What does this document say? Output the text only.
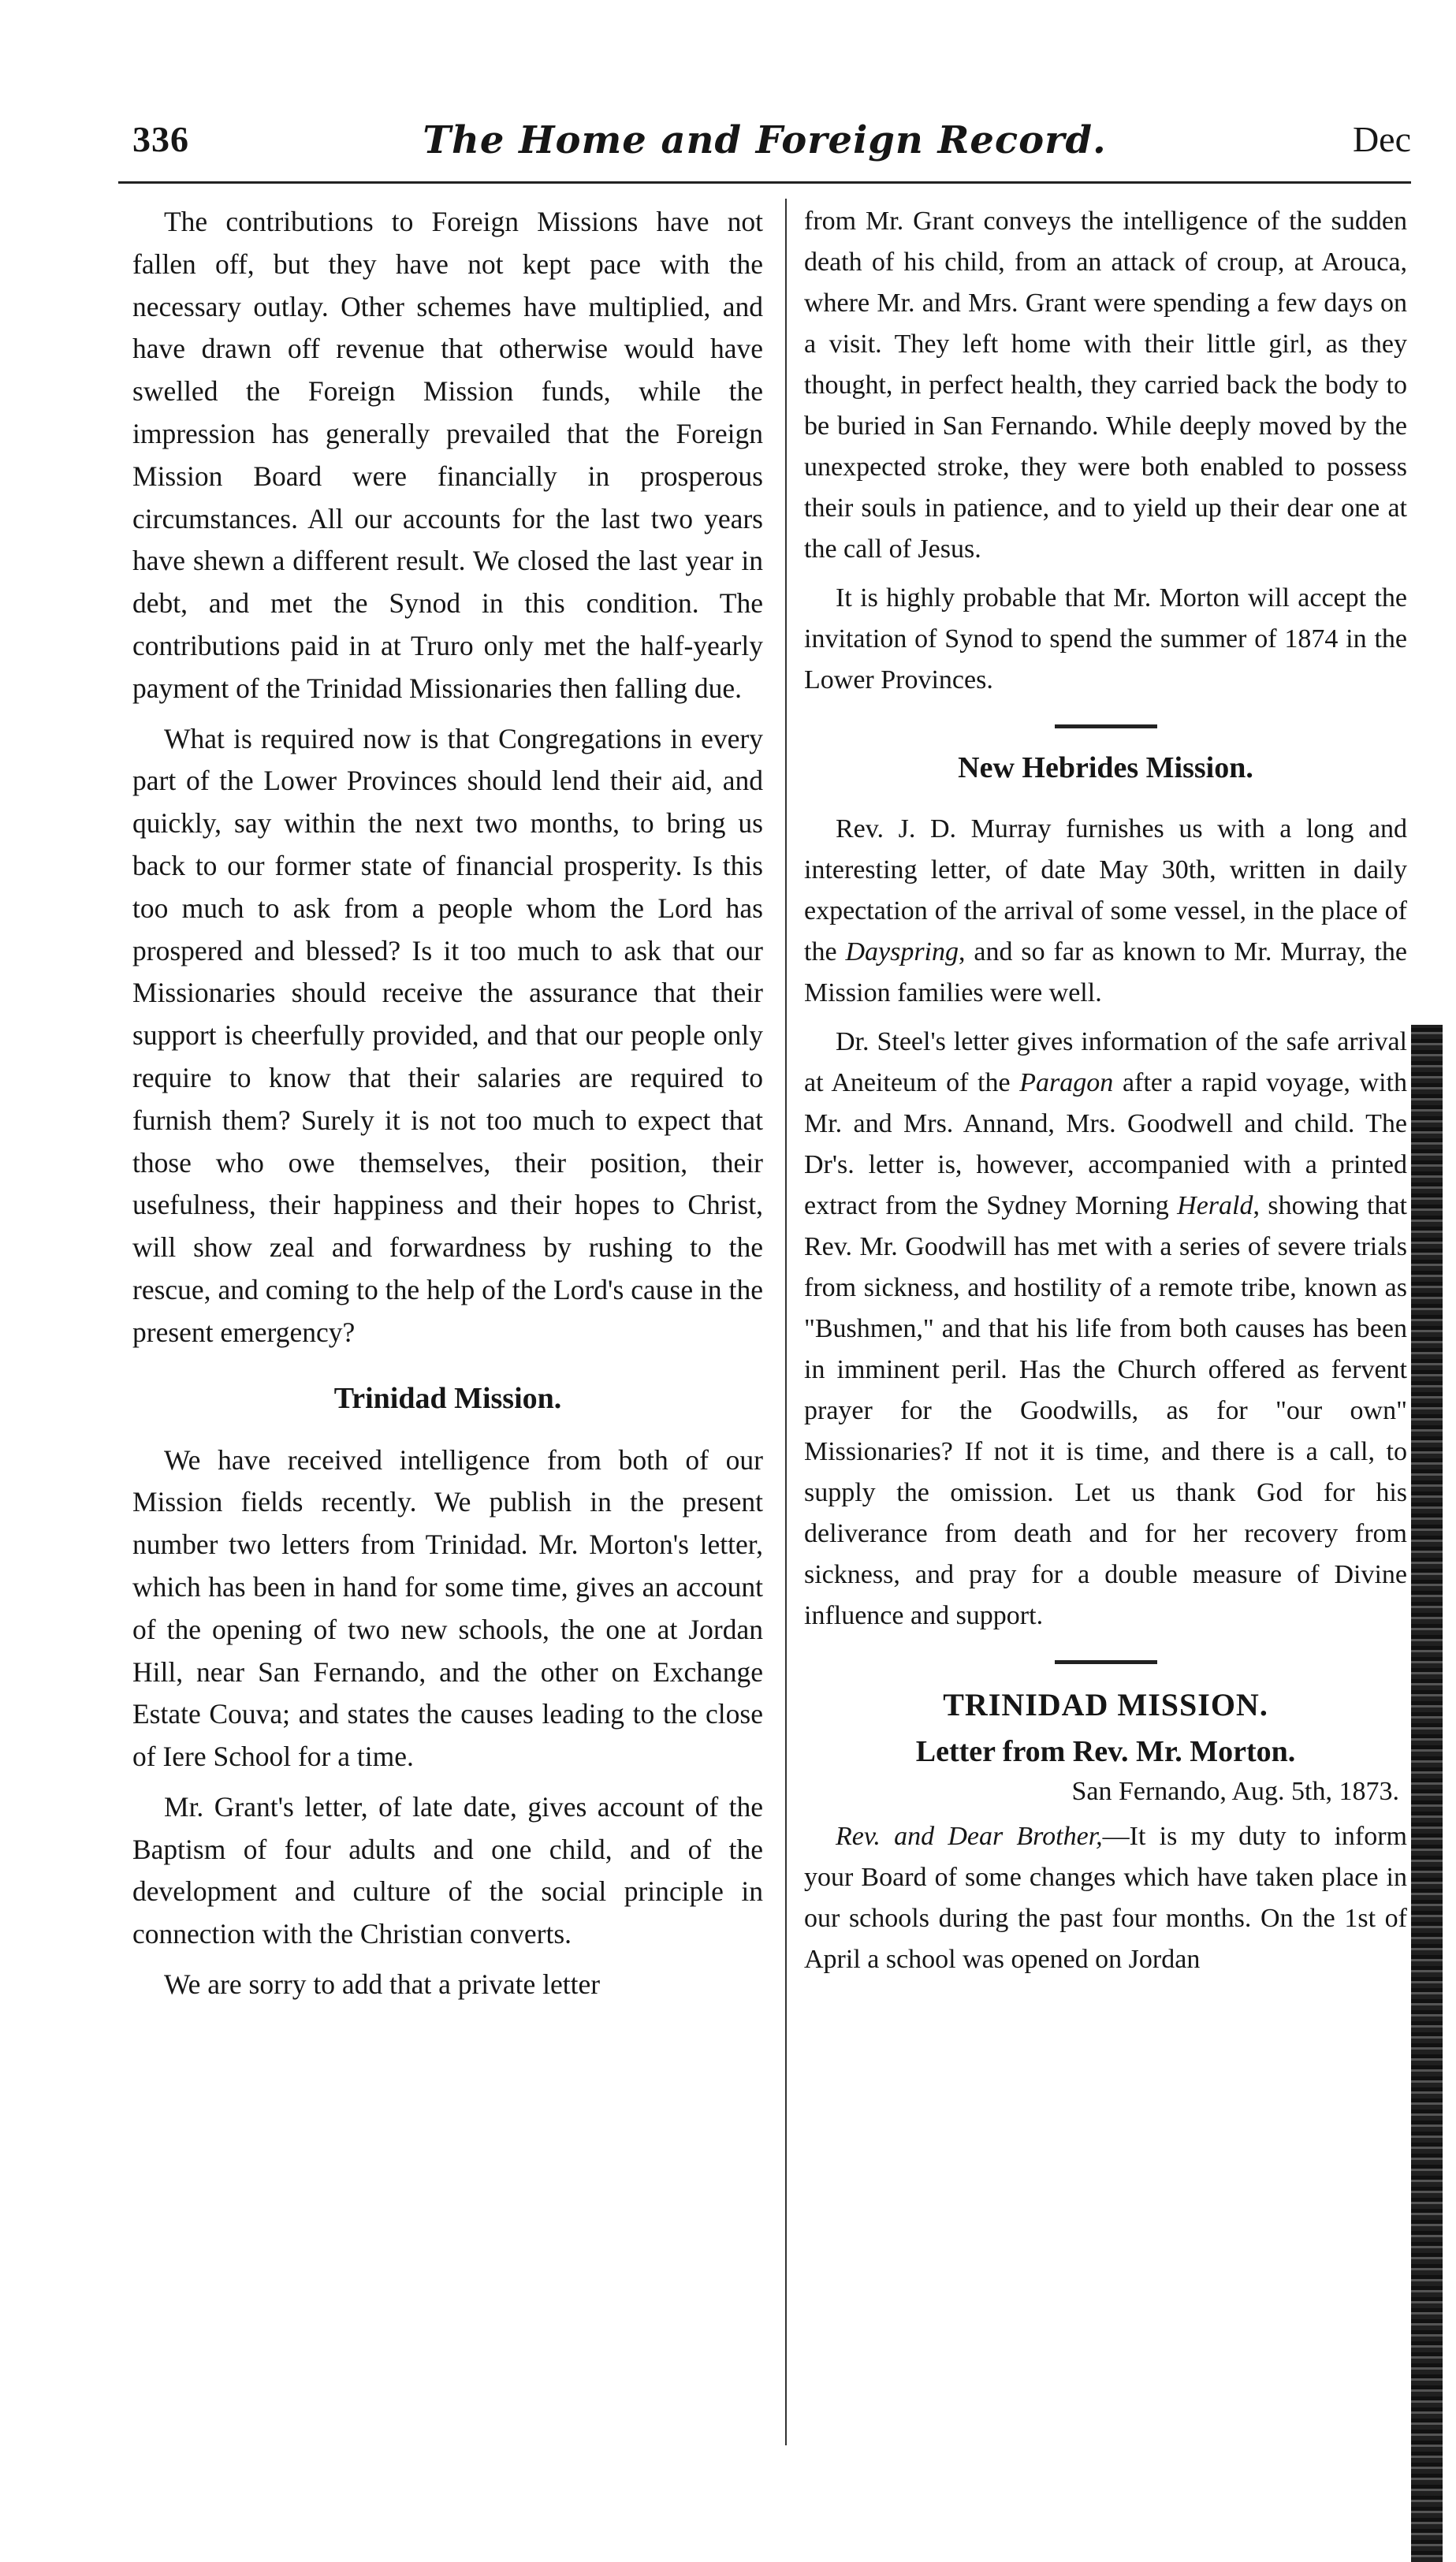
336	The Home and Foreign Record.	Dec

The contributions to Foreign Missions have not fallen off, but they have not kept pace with the necessary outlay. Other schemes have multiplied, and have drawn off revenue that otherwise would have swelled the Foreign Mission funds, while the impression has generally prevailed that the Foreign Mission Board were financially in prosperous circumstances. All our accounts for the last two years have shewn a different result. We closed the last year in debt, and met the Synod in this condition. The contributions paid in at Truro only met the half-yearly payment of the Trinidad Missionaries then falling due.

What is required now is that Congregations in every part of the Lower Provinces should lend their aid, and quickly, say within the next two months, to bring us back to our former state of financial prosperity. Is this too much to ask from a people whom the Lord has prospered and blessed? Is it too much to ask that our Missionaries should receive the assurance that their support is cheerfully provided, and that our people only require to know that their salaries are required to furnish them? Surely it is not too much to expect that those who owe themselves, their position, their usefulness, their happiness and their hopes to Christ, will show zeal and forwardness by rushing to the rescue, and coming to the help of the Lord's cause in the present emergency?

Trinidad Mission.

We have received intelligence from both of our Mission fields recently. We publish in the present number two letters from Trinidad. Mr. Morton's letter, which has been in hand for some time, gives an account of the opening of two new schools, the one at Jordan Hill, near San Fernando, and the other on Exchange Estate Couva; and states the causes leading to the close of Iere School for a time.

Mr. Grant's letter, of late date, gives account of the Baptism of four adults and one child, and of the development and culture of the social principle in connection with the Christian converts.

We are sorry to add that a private letter

from Mr. Grant conveys the intelligence of the sudden death of his child, from an attack of croup, at Arouca, where Mr. and Mrs. Grant were spending a few days on a visit. They left home with their little girl, as they thought, in perfect health, they carried back the body to be buried in San Fernando. While deeply moved by the unexpected stroke, they were both enabled to possess their souls in patience, and to yield up their dear one at the call of Jesus.

It is highly probable that Mr. Morton will accept the invitation of Synod to spend the summer of 1874 in the Lower Provinces.

New Hebrides Mission.

Rev. J. D. Murray furnishes us with a long and interesting letter, of date May 30th, written in daily expectation of the arrival of some vessel, in the place of the Dayspring, and so far as known to Mr. Murray, the Mission families were well.

Dr. Steel's letter gives information of the safe arrival at Aneiteum of the Paragon after a rapid voyage, with Mr. and Mrs. Annand, Mrs. Goodwell and child. The Dr's. letter is, however, accompanied with a printed extract from the Sydney Morning Herald, showing that Rev. Mr. Goodwill has met with a series of severe trials from sickness, and hostility of a remote tribe, known as "Bushmen," and that his life from both causes has been in imminent peril. Has the Church offered as fervent prayer for the Goodwills, as for "our own" Missionaries? If not it is time, and there is a call, to supply the omission. Let us thank God for his deliverance from death and for her recovery from sickness, and pray for a double measure of Divine influence and support.

TRINIDAD MISSION.
Letter from Rev. Mr. Morton.
San Fernando, Aug. 5th, 1873.

Rev. and Dear Brother,—It is my duty to inform your Board of some changes which have taken place in our schools during the past four months. On the 1st of April a school was opened on Jordan
